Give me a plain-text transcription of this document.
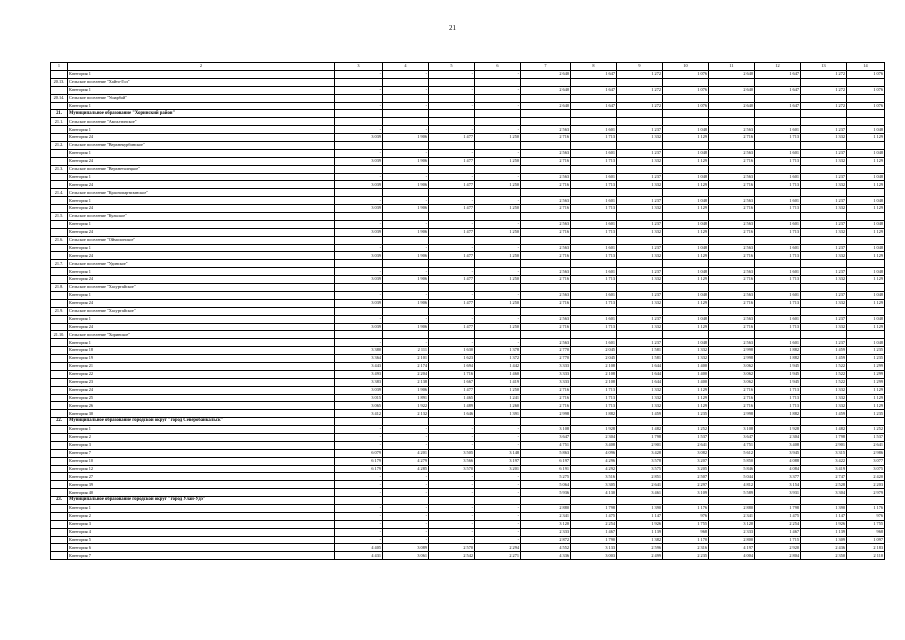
21
1	2	3	4	5	6	7	8	9	10	11	12	13	14
	Категория 1	-	-	-	-	2 640	1 647	1 272	1 076	2 640	1 647	1 272	1 076
20.13.	Сельское поселение "Хайто-Гол"												
	Категория 1	-	-	-	-	2 640	1 647	1 272	1 076	2 640	1 647	1 272	1 076
20.14.	Сельское поселение "Ушарбай"												
	Категория 1	-	-	-	-	2 640	1 647	1 272	1 076	2 640	1 647	1 272	1 076
21.	Муниципальное образование "Хоринский район"												
21.1.	Сельское поселение "Амгалтинское"												
	Категория 1	-	-	-	-	2 563	1 601	1 237	1 048	2 563	1 601	1 237	1 048
	Категория 24	3 039	1 906	1 477	1 250	2 716	1 713	1 332	1 129	2 716	1 713	1 332	1 129
21.2.	Сельское поселение "Верхнекурбинское"												
	Категория 1	-	-	-	-	2 563	1 601	1 237	1 048	2 563	1 601	1 237	1 048
	Категория 24	3 039	1 906	1 477	1 250	2 716	1 713	1 332	1 129	2 716	1 713	1 332	1 129
21.3.	Сельское поселение "Верхнеталецкое"												
	Категория 1	-	-	-	-	2 563	1 601	1 237	1 048	2 563	1 601	1 237	1 048
	Категория 24	3 039	1 906	1 477	1 250	2 716	1 713	1 332	1 129	2 716	1 713	1 332	1 129
21.4.	Сельское поселение "Краснопартизанское"												
	Категория 1	-	-	-	-	2 563	1 601	1 237	1 048	2 563	1 601	1 237	1 048
	Категория 24	3 039	1 906	1 477	1 250	2 716	1 713	1 332	1 129	2 716	1 713	1 332	1 129
21.5.	Сельское поселение "Кульское"												
	Категория 1	-	-	-	-	2 563	1 601	1 237	1 048	2 563	1 601	1 237	1 048
	Категория 24	3 039	1 906	1 477	1 250	2 716	1 713	1 332	1 129	2 716	1 713	1 332	1 129
21.6.	Сельское поселение "Оймолонское"												
	Категория 1	-	-	-	-	2 563	1 601	1 237	1 048	2 563	1 601	1 237	1 048
	Категория 24	3 039	1 906	1 477	1 250	2 716	1 713	1 332	1 129	2 716	1 713	1 332	1 129
21.7.	Сельское поселение "Удинское"												
	Категория 1	-	-	-	-	2 563	1 601	1 237	1 048	2 563	1 601	1 237	1 048
	Категория 24	3 039	1 906	1 477	1 250	2 716	1 713	1 332	1 129	2 716	1 713	1 332	1 129
21.8.	Сельское поселение "Хасуртайское"												
	Категория 1	-	-	-	-	2 563	1 601	1 237	1 048	2 563	1 601	1 237	1 048
	Категория 24	3 039	1 906	1 477	1 250	2 716	1 713	1 332	1 129	2 716	1 713	1 332	1 129
21.9.	Сельское поселение "Хасуртайское"												
	Категория 1	-	-	-	-	2 563	1 601	1 237	1 048	2 563	1 601	1 237	1 048
	Категория 24	3 039	1 906	1 477	1 250	2 716	1 713	1 332	1 129	2 716	1 713	1 332	1 129
21.10.	Сельское поселение "Хоринское"												
	Категория 1	-	-	-	-	2 563	1 601	1 237	1 048	2 563	1 601	1 237	1 048
	Категория 18	3 380	2 111	1 630	1 378	2 770	2 045	1 581	1 332	2 998	1 882	1 459	1 235
	Категория 19	3 364	2 101	1 623	1 372	2 770	2 045	1 581	1 332	2 998	1 882	1 459	1 235
	Категория 21	3 443	2 174	1 694	1 442	3 333	2 108	1 644	1 400	3 062	1 945	1 522	1 299
	Категория 22	3 493	2 204	1 716	1 460	3 333	2 108	1 644	1 400	3 062	1 945	1 522	1 299
	Категория 23	3 383	2 138	1 667	1 419	3 333	2 108	1 644	1 400	3 062	1 945	1 522	1 299
	Категория 24	3 039	1 906	1 477	1 250	2 716	1 713	1 332	1 129	2 716	1 713	1 332	1 129
	Категория 25	3 015	1 891	1 465	1 241	2 716	1 713	1 332	1 129	2 716	1 713	1 332	1 129
	Категория 26	3 065	1 922	1 489	1 260	2 716	1 713	1 332	1 129	2 716	1 713	1 332	1 129
	Категория 30	3 412	2 132	1 646	1 391	2 998	1 882	1 459	1 235	2 998	1 882	1 459	1 235
22.	Муниципальное образование городской округ "город Северобайкальск"												
	Категория 1	-	-	-	-	3 108	1 928	1 482	1 252	3 108	1 928	1 482	1 252
	Категория 2	-	-	-	-	3 647	2 304	1 798	1 537	3 647	2 304	1 798	1 537
	Категория 3	-	-	-	-	4 751	3 408	2 901	2 641	4 751	3 408	2 901	2 641
	Категория 7	6 079	4 201	3 505	3 148	5 863	4 096	3 428	3 082	5 612	3 945	3 315	2 986
	Категория 10	6 179	4 279	3 566	3 197	6 197	4 296	3 578	3 207	5 850	4 088	3 422	3 077
	Категория 12	6 179	4 285	3 570	3 201	6 191	4 292	3 575	3 205	5 846	4 084	3 419	3 075
	Категория 27	-	-	-	-	5 275	3 516	2 851	2 507	5 044	3 377	2 747	2 420
	Категория 39	-	-	-	-	5 064	3 305	2 641	2 297	4 812	3 154	2 528	2 203
	Категория 40	-	-	-	-	5 936	4 130	3 461	3 109	5 589	3 931	3 304	2 979
23.	Муниципальное образование городской округ "город Улан-Удэ"												
	Категория 1	-	-	-	-	2 880	1 798	1 390	1 176	2 880	1 798	1 390	1 176
	Категория 2	-	-	-	-	2 341	1 475	1 147	976	2 341	1 475	1 147	976
	Категория 3	-	-	-	-	3 120	2 254	1 926	1 755	3 120	2 254	1 926	1 755
	Категория 4	-	-	-	-	2 333	1 467	1 139	968	2 333	1 467	1 139	968
	Категория 5	-	-	-	-	2 872	1 790	1 382	1 170	2 800	1 715	1 309	1 097
	Категория 6	4 405	3 089	2 570	2 294	4 552	3 133	2 596	2 316	4 197	2 920	2 436	2 183
	Категория 7	4 431	3 061	2 542	2 271	4 336	3 003	2 499	2 235	4 004	2 804	2 350	2 110
